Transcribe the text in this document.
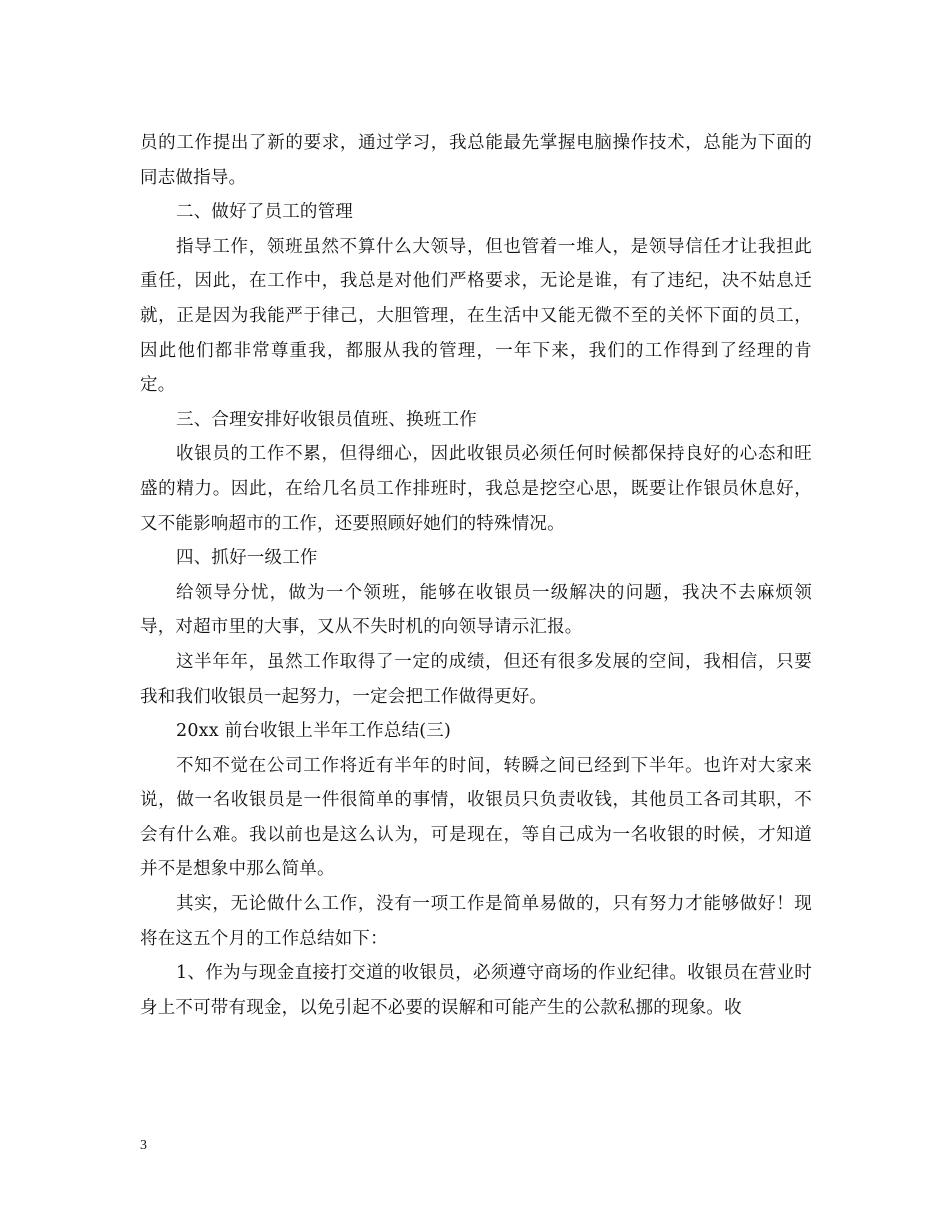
员的工作提出了新的要求，通过学习，我总能最先掌握电脑操作技术，总能为下面的同志做指导。

二、做好了员工的管理

指导工作，领班虽然不算什么大领导，但也管着一堆人，是领导信任才让我担此重任，因此，在工作中，我总是对他们严格要求，无论是谁，有了违纪，决不姑息迁就，正是因为我能严于律己，大胆管理，在生活中又能无微不至的关怀下面的员工，因此他们都非常尊重我，都服从我的管理，一年下来，我们的工作得到了经理的肯定。

三、合理安排好收银员值班、换班工作

收银员的工作不累，但得细心，因此收银员必须任何时候都保持良好的心态和旺盛的精力。因此，在给几名员工作排班时，我总是挖空心思，既要让作银员休息好，又不能影响超市的工作，还要照顾好她们的特殊情况。

四、抓好一级工作

给领导分忧，做为一个领班，能够在收银员一级解决的问题，我决不去麻烦领导，对超市里的大事，又从不失时机的向领导请示汇报。

这半年年，虽然工作取得了一定的成绩，但还有很多发展的空间，我相信，只要我和我们收银员一起努力，一定会把工作做得更好。

20xx 前台收银上半年工作总结(三)

不知不觉在公司工作将近有半年的时间，转瞬之间已经到下半年。也许对大家来说，做一名收银员是一件很简单的事情，收银员只负责收钱，其他员工各司其职，不会有什么难。我以前也是这么认为，可是现在，等自己成为一名收银的时候，才知道并不是想象中那么简单。

其实，无论做什么工作，没有一项工作是简单易做的，只有努力才能够做好！现将在这五个月的工作总结如下：

1、作为与现金直接打交道的收银员，必须遵守商场的作业纪律。收银员在营业时身上不可带有现金，以免引起不必要的误解和可能产生的公款私挪的现象。收

3
